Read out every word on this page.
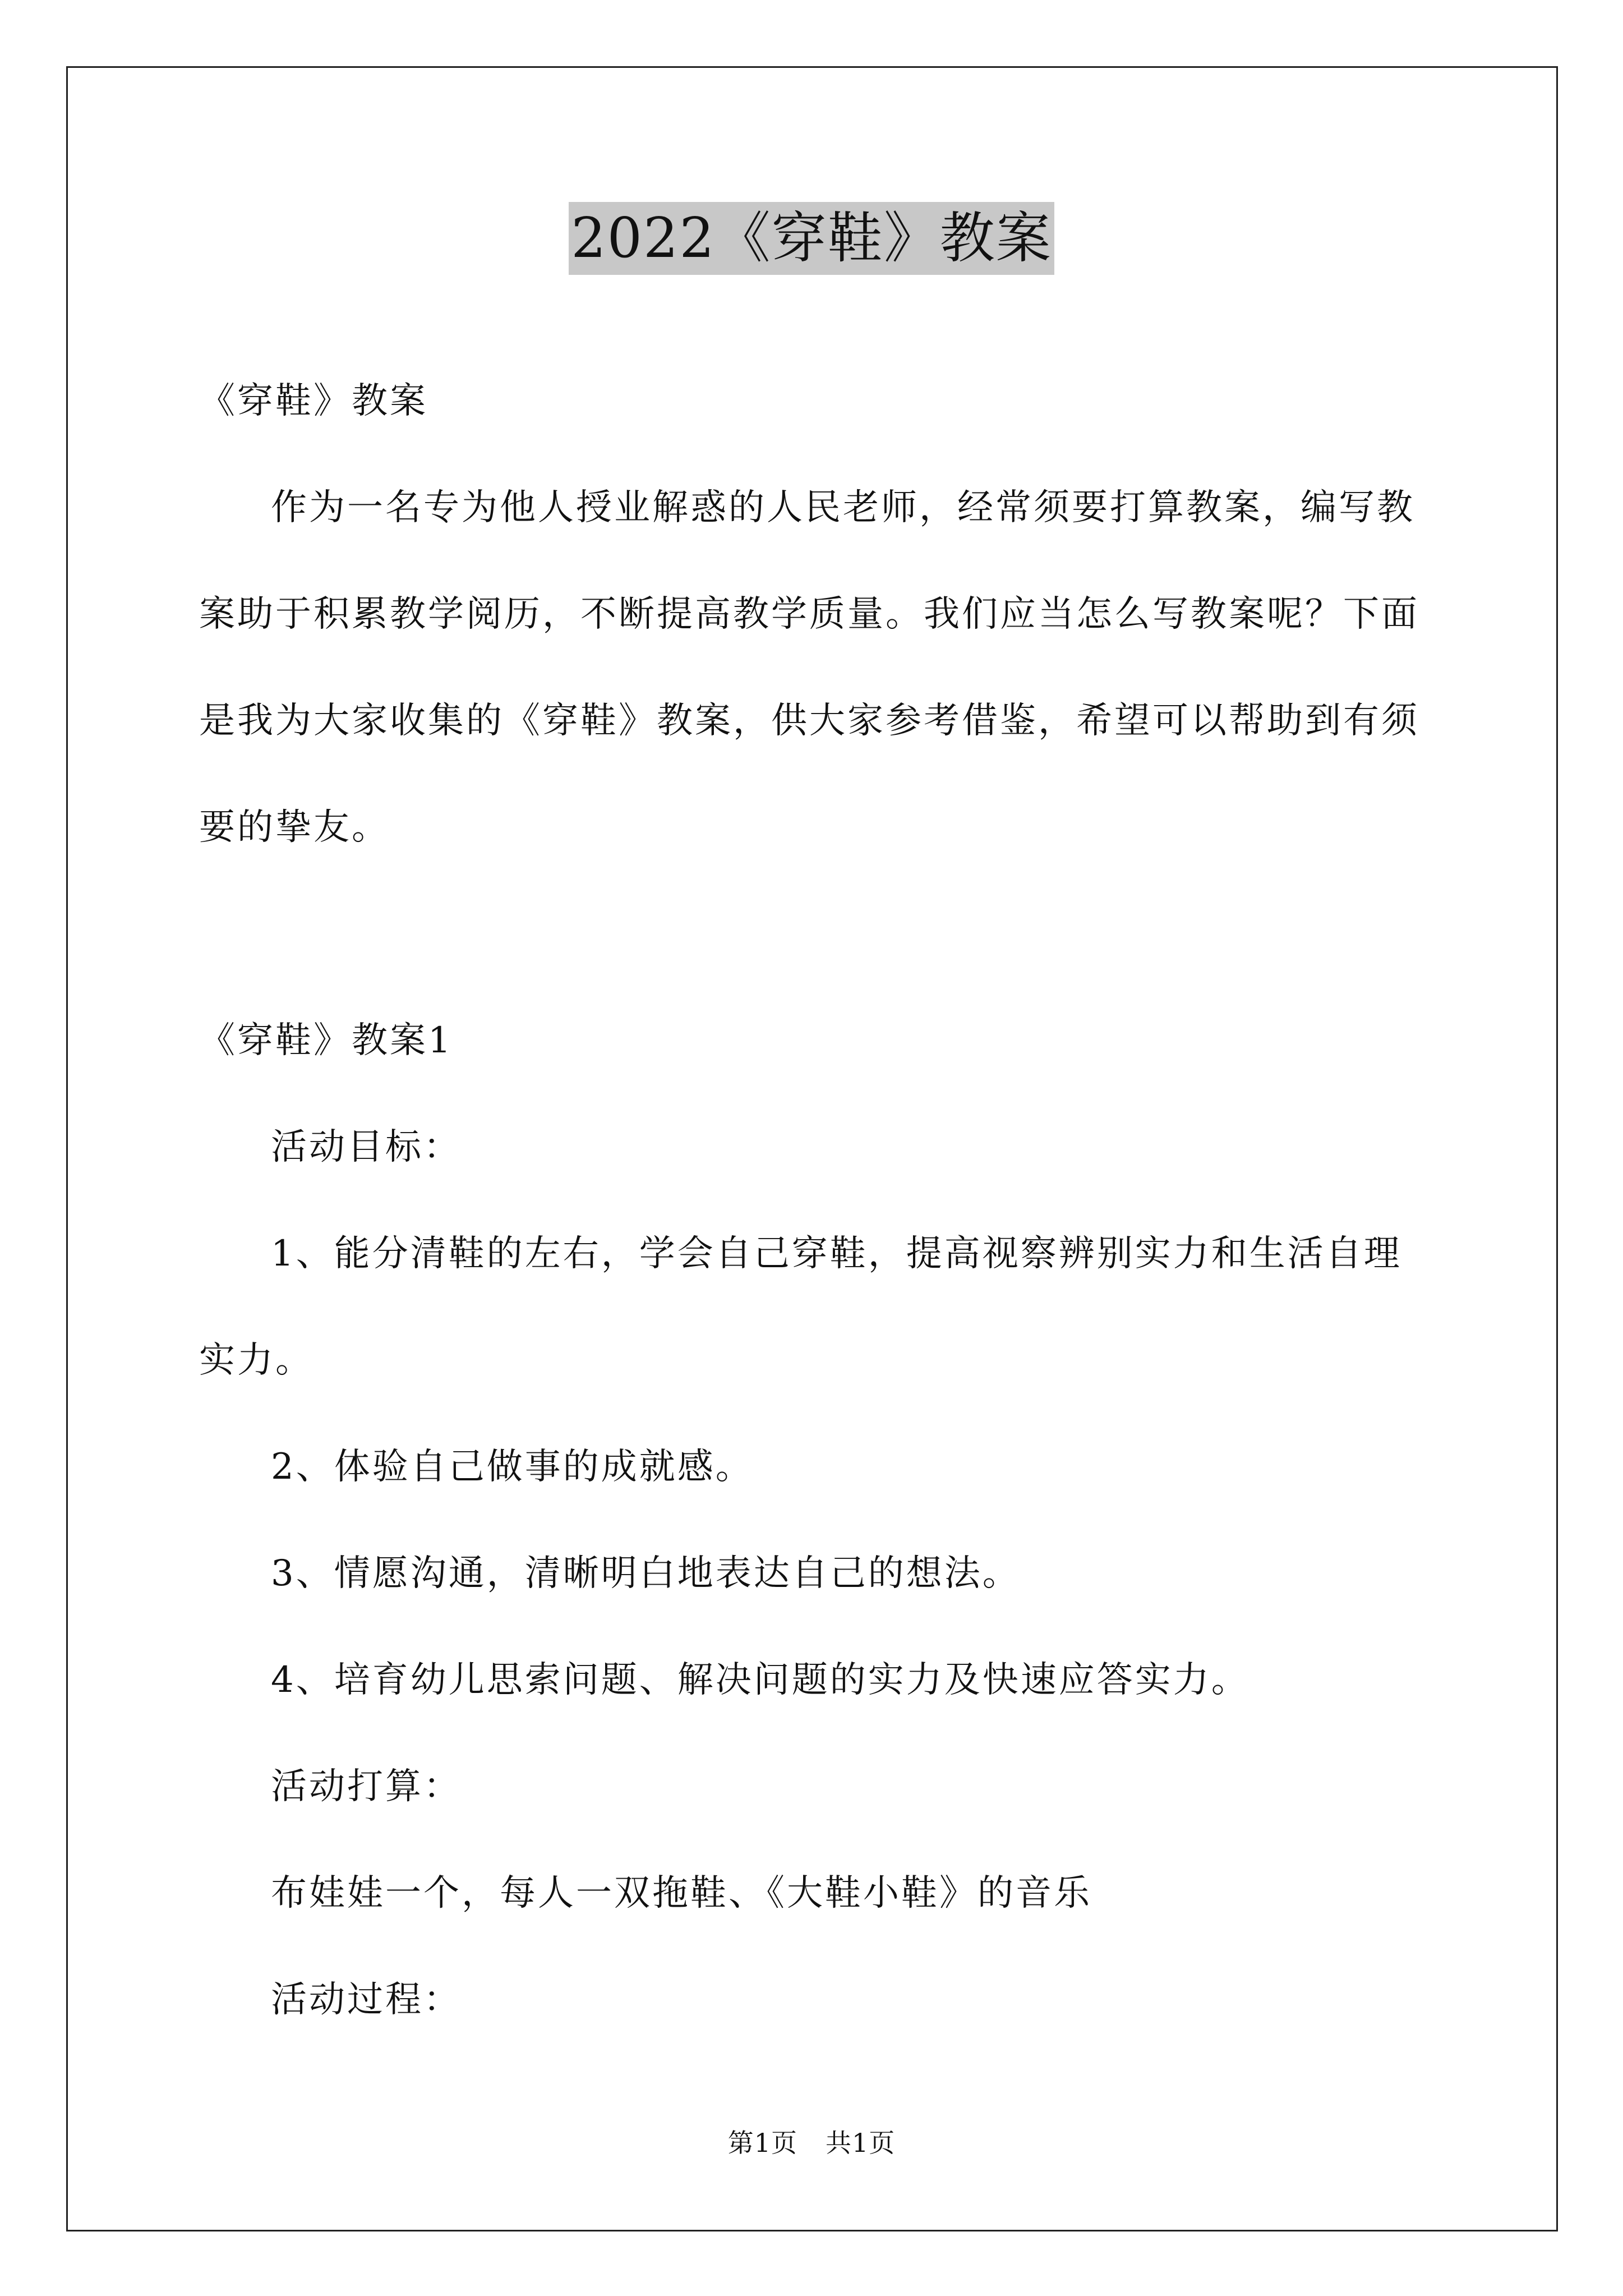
2022《穿鞋》教案

《穿鞋》教案

作为一名专为他人授业解惑的人民老师，经常须要打算教案，编写教案助于积累教学阅历，不断提高教学质量。我们应当怎么写教案呢？下面是我为大家收集的《穿鞋》教案，供大家参考借鉴，希望可以帮助到有须要的挚友。

《穿鞋》教案1

活动目标：

1、能分清鞋的左右，学会自己穿鞋，提高视察辨别实力和生活自理实力。

2、体验自己做事的成就感。

3、情愿沟通，清晰明白地表达自己的想法。

4、培育幼儿思索问题、解决问题的实力及快速应答实力。

活动打算：

布娃娃一个，每人一双拖鞋、《大鞋小鞋》的音乐

活动过程：

第1页 共1页
